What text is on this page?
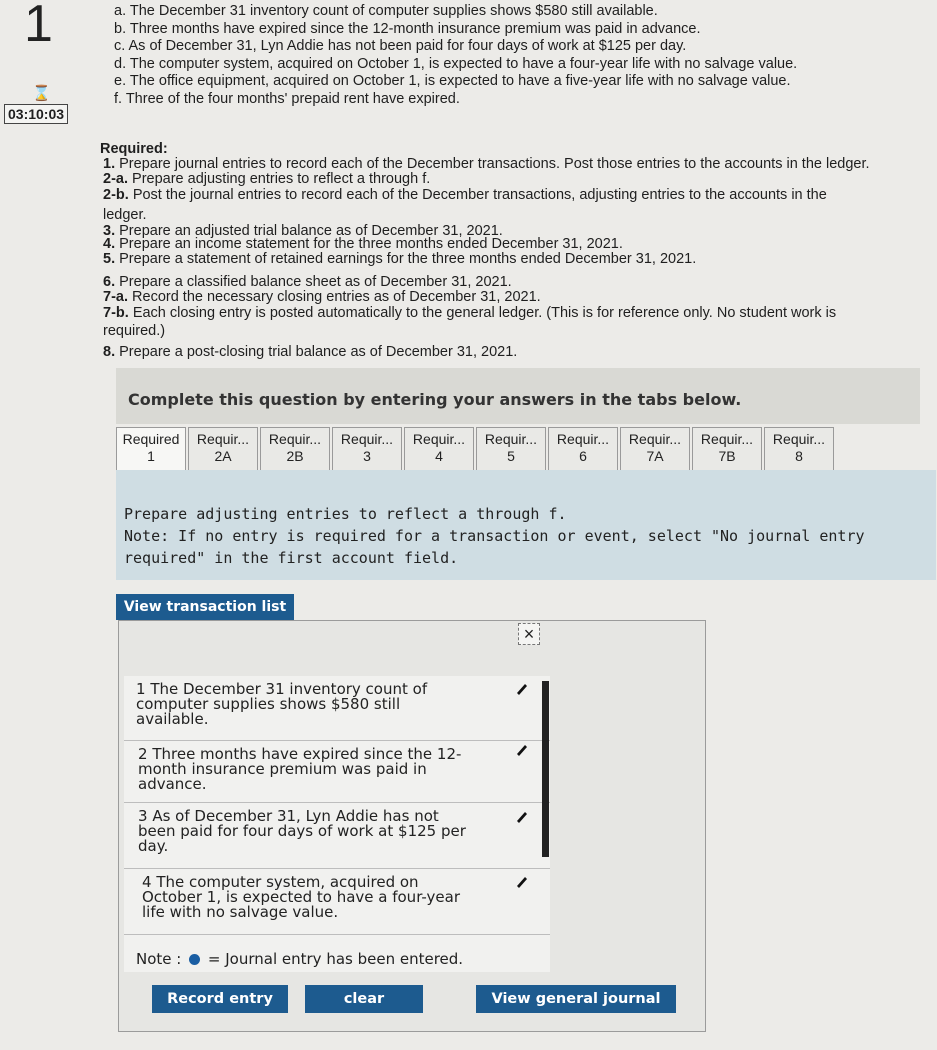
1
⌛
03:10:03
a. The December 31 inventory count of computer supplies shows $580 still available.
b. Three months have expired since the 12-month insurance premium was paid in advance.
c. As of December 31, Lyn Addie has not been paid for four days of work at $125 per day.
d. The computer system, acquired on October 1, is expected to have a four-year life with no salvage value.
e. The office equipment, acquired on October 1, is expected to have a five-year life with no salvage value.
f. Three of the four months' prepaid rent have expired.
Required:
1. Prepare journal entries to record each of the December transactions. Post those entries to the accounts in the ledger.
2-a. Prepare adjusting entries to reflect a through f.
2-b. Post the journal entries to record each of the December transactions, adjusting entries to the accounts in the
ledger.
3. Prepare an adjusted trial balance as of December 31, 2021.
4. Prepare an income statement for the three months ended December 31, 2021.
5. Prepare a statement of retained earnings for the three months ended December 31, 2021.
6. Prepare a classified balance sheet as of December 31, 2021.
7-a. Record the necessary closing entries as of December 31, 2021.
7-b. Each closing entry is posted automatically to the general ledger. (This is for reference only. No student work is
required.)
8. Prepare a post-closing trial balance as of December 31, 2021.
Complete this question by entering your answers in the tabs below.
Required
1
Requir...
2A
Requir...
2B
Requir...
3
Requir...
4
Requir...
5
Requir...
6
Requir...
7A
Requir...
7B
Requir...
8
Prepare adjusting entries to reflect a through f.
Note: If no entry is required for a transaction or event, select "No journal entry required" in the first account field.
View transaction list
×
1 The December 31 inventory count of computer supplies shows $580 still available.
2 Three months have expired since the 12-month insurance premium was paid in advance.
3 As of December 31, Lyn Addie has not been paid for four days of work at $125 per day.
4 The computer system, acquired on October 1, is expected to have a four-year life with no salvage value.
Note : = Journal entry has been entered.
Record entry	clear	View general journal
